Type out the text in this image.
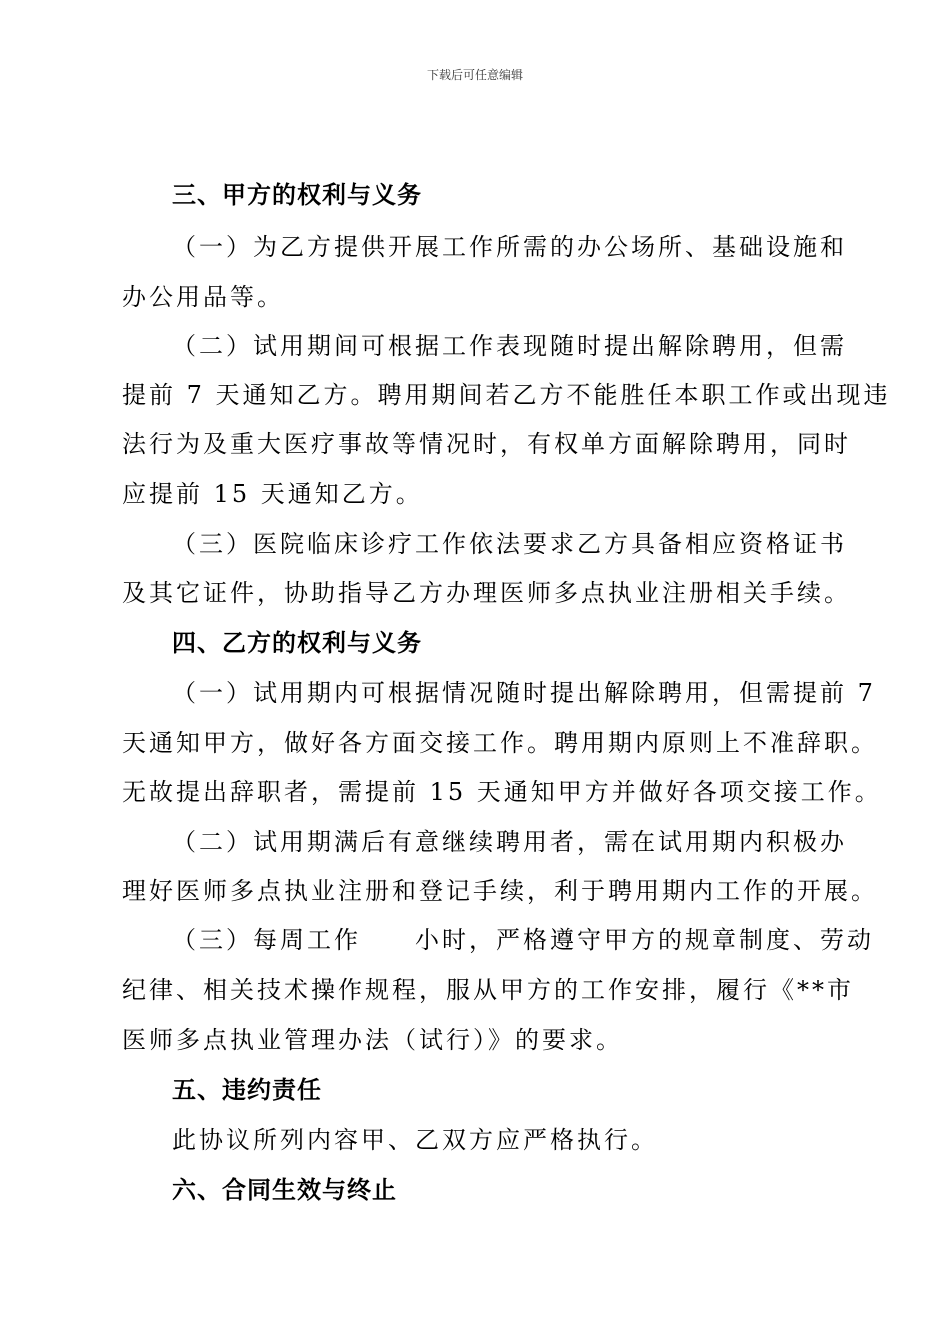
下载后可任意编辑
三、甲方的权利与义务
（一）为乙方提供开展工作所需的办公场所、基础设施和
办公用品等。
（二）试用期间可根据工作表现随时提出解除聘用，但需
提前 7 天通知乙方。聘用期间若乙方不能胜任本职工作或出现违
法行为及重大医疗事故等情况时，有权单方面解除聘用，同时
应提前 15 天通知乙方。
（三）医院临床诊疗工作依法要求乙方具备相应资格证书
及其它证件，协助指导乙方办理医师多点执业注册相关手续。
四、乙方的权利与义务
（一）试用期内可根据情况随时提出解除聘用，但需提前 7
天通知甲方，做好各方面交接工作。聘用期内原则上不准辞职。
无故提出辞职者，需提前 15 天通知甲方并做好各项交接工作。
（二）试用期满后有意继续聘用者，需在试用期内积极办
理好医师多点执业注册和登记手续，利于聘用期内工作的开展。
（三）每周工作　　小时，严格遵守甲方的规章制度、劳动
纪律、相关技术操作规程，服从甲方的工作安排，履行《**市
医师多点执业管理办法（试行）》的要求。
五、违约责任
此协议所列内容甲、乙双方应严格执行。
六、合同生效与终止
